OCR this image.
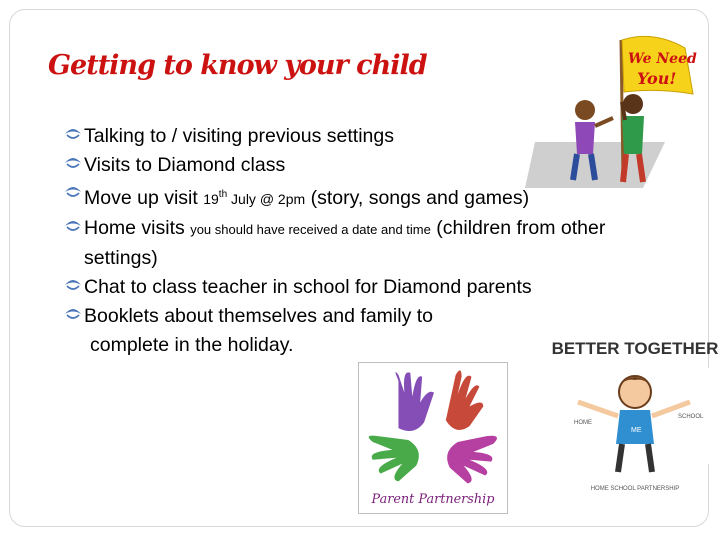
Getting to know your child	We Need
You!
Talking to / visiting previous settings
Visits to Diamond class
Move up visit 19th July @ 2pm (story, songs and games)
Home visits you should have received a date and time (children from other settings)
Chat to class teacher in school for Diamond parents
Booklets about themselves and family to
complete in the holiday.
Parent Partnership
BETTER TOGETHER
HOME
ME
SCHOOL
HOME SCHOOL PARTNERSHIP
